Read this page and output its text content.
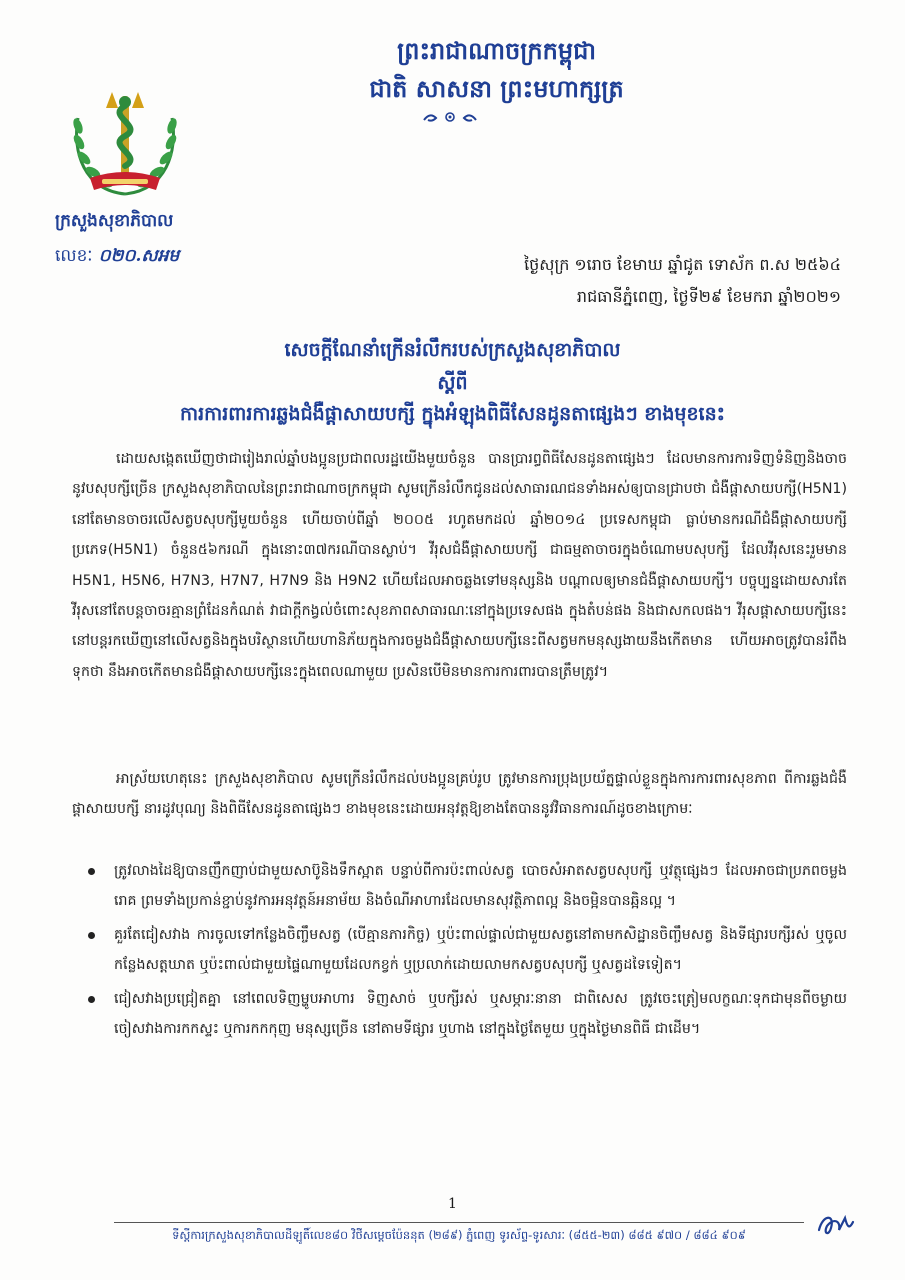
ព្រះរាជាណាចក្រកម្ពុជា
ជាតិ សាសនា ព្រះមហាក្សត្រ
ក្រសួងសុខាភិបាល
លេខៈ ០២០.សអម	ថ្ងៃសុក្រ ១រោច ខែមាឃ ឆ្នាំជូត ទោស័ក ព.ស ២៥៦៤
រាជធានីភ្នំពេញ, ថ្ងៃទី២៩ ខែមករា ឆ្នាំ២០២១
សេចក្តីណែនាំក្រើនរំលឹករបស់ក្រសួងសុខាភិបាល
ស្តីពី
ការការពារការឆ្លងជំងឺផ្តាសាយបក្សី ក្នុងអំឡុងពិធីសែនដូនតាផ្សេងៗ ខាងមុខនេះ
ដោយសង្កេតឃើញថាជារៀងរាល់ឆ្នាំបងប្អូនប្រជាពលរដ្ឋយើងមួយចំនួន បានប្រារព្ធពិធីសែនដូនតាផ្សេងៗ ដែលមានការការទិញទំនិញនិងចាចនូវបសុបក្សីច្រើន ក្រសួងសុខាភិបាលនៃព្រះរាជាណាចក្រកម្ពុជា សូមក្រើនរំលឹកជូនដល់សាធារណជនទាំងអស់ឲ្យបានជ្រាបថា ជំងឺផ្តាសាយបក្សី(H5N1) នៅតែមានចាចរលើសត្វបសុបក្សីមួយចំនួន ហើយចាប់ពីឆ្នាំ ២០០៥ រហូតមកដល់ ឆ្នាំ២០១៤ ប្រទេសកម្ពុជា ធ្លាប់មានករណីជំងឺផ្តាសាយបក្សីប្រភេទ(H5N1) ចំនួន៥៦ករណី ក្នុងនោះ៣៧ករណីបានស្លាប់។ វីរុសជំងឺផ្តាសាយបក្សី ជាធម្មតាចាចរក្នុងចំណោមបសុបក្សី ដែលវីរុសនេះរួមមាន H5N1, H5N6, H7N3, H7N7, H7N9 និង H9N2 ហើយដែលអាចឆ្លងទៅមនុស្សនិង បណ្តាលឲ្យមានជំងឺផ្តាសាយបក្សី។ បច្ចុប្បន្នដោយសារតែវីរុសនៅតែបន្តចាចរគ្មានព្រំដែនកំណត់ វាជាក្តីកង្វល់ចំពោះសុខភាពសាធារណៈនៅក្នុងប្រទេសផង ក្នុងតំបន់ផង និងជាសកលផង។ វីរុសផ្តាសាយបក្សីនេះ នៅបន្តរកឃើញនៅលើសត្វនិងក្នុងបរិស្ថានហើយហានិភ័យក្នុងការចម្លងជំងឺផ្តាសាយបក្សីនេះពីសត្វមកមនុស្សងាយនឹងកើតមាន ហើយអាចត្រូវបានរំពឹងទុកថា នឹងអាចកើតមានជំងឺផ្តាសាយបក្សីនេះក្នុងពេលណាមួយ ប្រសិនបើមិនមានការការពារបានត្រឹមត្រូវ។
អាស្រ័យហេតុនេះ ក្រសួងសុខាភិបាល សូមក្រើនរំលឹកដល់បងប្អូនគ្រប់រូប ត្រូវមានការប្រុងប្រយ័ត្នផ្ទាល់ខ្លួនក្នុងការការពារសុខភាព ពីការឆ្លងជំងឺផ្តាសាយបក្សី នារដូវបុណ្យ និងពិធីសែនដូនតាផ្សេងៗ ខាងមុខនេះដោយអនុវត្តឱ្យខាងតែបាននូវវិធានការណ៍ដូចខាងក្រោមៈ
ត្រូវលាងដៃឱ្យបានញឹកញាប់ជាមួយសាប៊ូនិងទឹកស្អាត បន្ទាប់ពីការប៉ះពាល់សត្វ បោចសំអាតសត្វបសុបក្សី ឬវត្ថុផ្សេងៗ ដែលអាចជាប្រភពចម្លងរោគ ព្រមទាំងប្រកាន់ខ្ជាប់នូវការអនុវត្តន៍អនាម័យ និងចំណីអាហារដែលមានសុវត្ថិភាពល្អ និងចម្អិនបានឆ្អិនល្អ ។
គួរតែជៀសវាង ការចូលទៅកន្លែងចិញ្ចឹមសត្វ (បើគ្មានភារកិច្ច) ឬប៉ះពាល់ផ្ទាល់ជាមួយសត្វនៅតាមកសិដ្ឋានចិញ្ចឹមសត្វ និងទីផ្សារបក្សីរស់ ឬចូលកន្លែងសត្តឃាត ឬប៉ះពាល់ជាមួយផ្ទៃណាមួយដែលកខ្វក់ ឬប្រលាក់ដោយលាមកសត្វបសុបក្សី ឬសត្វដទៃទៀត។
ជៀសវាងប្រជ្រៀតគ្នា នៅពេលទិញម្ហូបអាហារ ទិញសាច់ ឬបក្សីរស់ ឬសម្ភារៈនានា ជាពិសេស ត្រូវចេះត្រៀមលក្ខណៈទុកជាមុនពីចម្ងាយ ចៀសវាងការកកស្ទះ ឬការកកកុញ មនុស្សច្រើន នៅតាមទីផ្សារ ឬហាង នៅក្នុងថ្ងៃតែមួយ ឬក្នុងថ្ងៃមានពិធី ជាដើម។
1
ទីស្តីការក្រសួងសុខាភិបាលដីឡូតិ៍លេខ៨០ វិថីសម្តេចប៉ែននុត (២៨៩) ភ្នំពេញ ទូរស័ព្ទ-ទូរសារៈ (៨៥៥-២៣) ៨៨៥ ៩៧០ / ៨៨៤ ៩០៩
